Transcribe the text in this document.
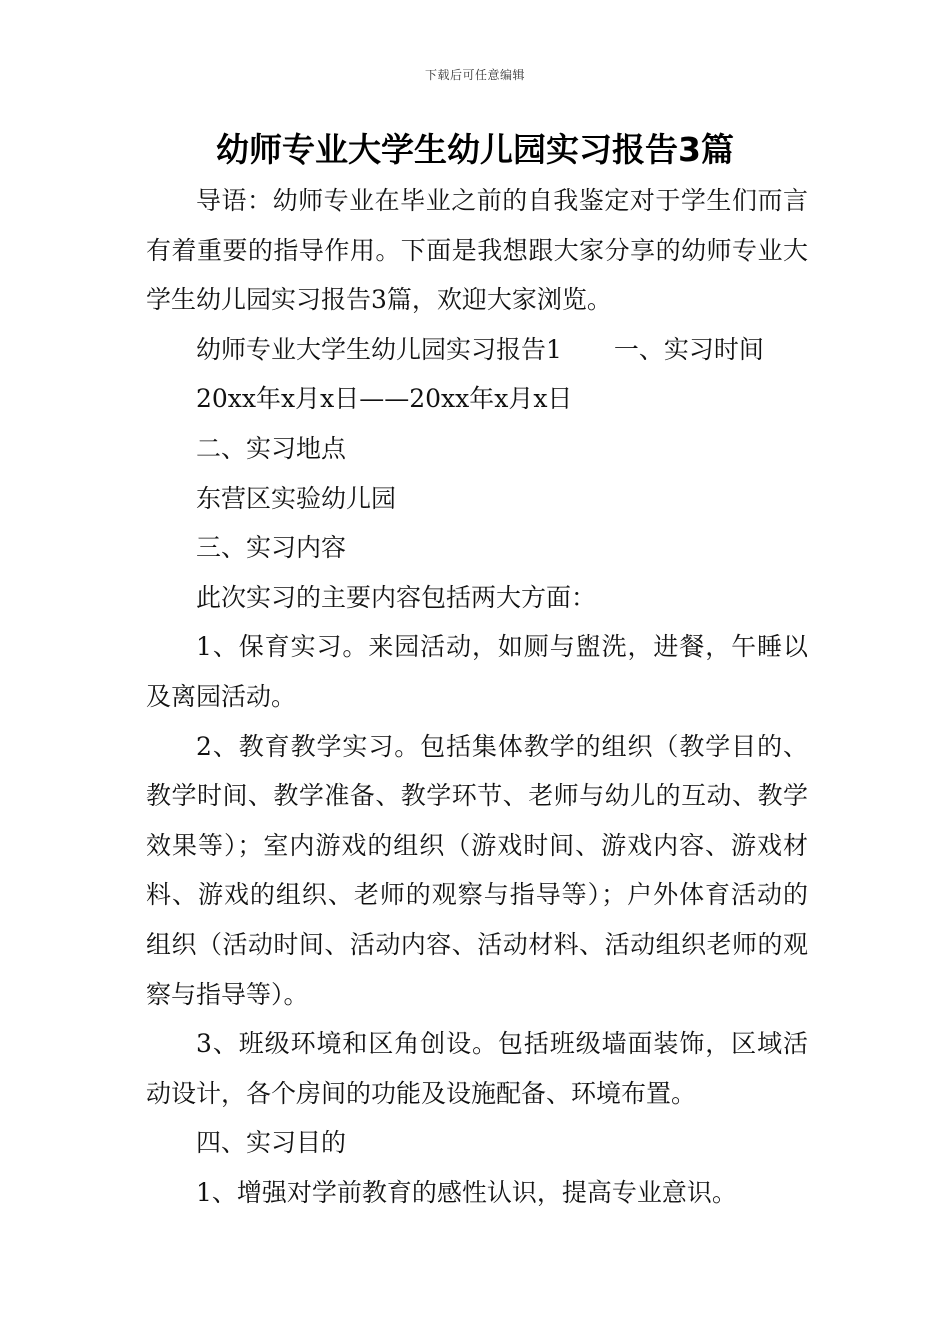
下载后可任意编辑
幼师专业大学生幼儿园实习报告3篇

导语：幼师专业在毕业之前的自我鉴定对于学生们而言有着重要的指导作用。下面是我想跟大家分享的幼师专业大学生幼儿园实习报告3篇，欢迎大家浏览。

幼师专业大学生幼儿园实习报告1 一、实习时间

20xx年x月x日——20xx年x月x日

二、实习地点

东营区实验幼儿园

三、实习内容

此次实习的主要内容包括两大方面：

1、保育实习。来园活动，如厕与盥洗，进餐，午睡以及离园活动。

2、教育教学实习。包括集体教学的组织（教学目的、教学时间、教学准备、教学环节、老师与幼儿的互动、教学效果等）；室内游戏的组织（游戏时间、游戏内容、游戏材料、游戏的组织、老师的观察与指导等）；户外体育活动的组织（活动时间、活动内容、活动材料、活动组织老师的观察与指导等）。

3、班级环境和区角创设。包括班级墙面装饰，区域活动设计，各个房间的功能及设施配备、环境布置。

四、实习目的

1、增强对学前教育的感性认识，提高专业意识。
